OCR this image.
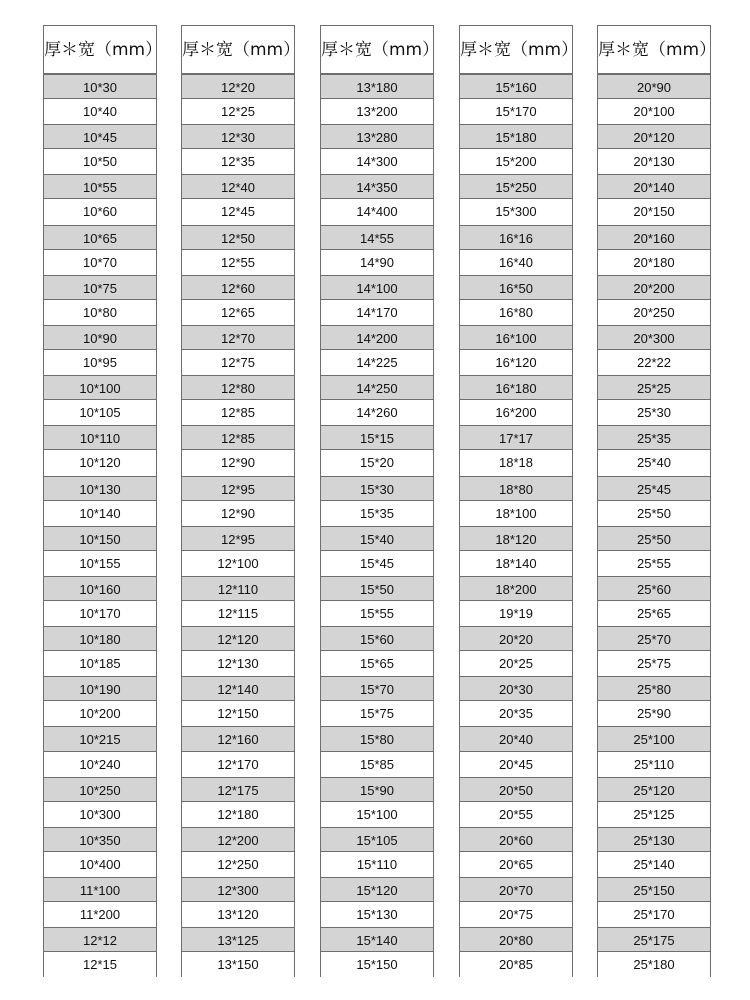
厚＊宽（mm）
10*30
10*40
10*45
10*50
10*55
10*60
10*65
10*70
10*75
10*80
10*90
10*95
10*100
10*105
10*110
10*120
10*130
10*140
10*150
10*155
10*160
10*170
10*180
10*185
10*190
10*200
10*215
10*240
10*250
10*300
10*350
10*400
11*100
11*200
12*12
12*15
厚＊宽（mm）
12*20
12*25
12*30
12*35
12*40
12*45
12*50
12*55
12*60
12*65
12*70
12*75
12*80
12*85
12*85
12*90
12*95
12*90
12*95
12*100
12*110
12*115
12*120
12*130
12*140
12*150
12*160
12*170
12*175
12*180
12*200
12*250
12*300
13*120
13*125
13*150
厚＊宽（mm）
13*180
13*200
13*280
14*300
14*350
14*400
14*55
14*90
14*100
14*170
14*200
14*225
14*250
14*260
15*15
15*20
15*30
15*35
15*40
15*45
15*50
15*55
15*60
15*65
15*70
15*75
15*80
15*85
15*90
15*100
15*105
15*110
15*120
15*130
15*140
15*150
厚＊宽（mm）
15*160
15*170
15*180
15*200
15*250
15*300
16*16
16*40
16*50
16*80
16*100
16*120
16*180
16*200
17*17
18*18
18*80
18*100
18*120
18*140
18*200
19*19
20*20
20*25
20*30
20*35
20*40
20*45
20*50
20*55
20*60
20*65
20*70
20*75
20*80
20*85
厚＊宽（mm）
20*90
20*100
20*120
20*130
20*140
20*150
20*160
20*180
20*200
20*250
20*300
22*22
25*25
25*30
25*35
25*40
25*45
25*50
25*50
25*55
25*60
25*65
25*70
25*75
25*80
25*90
25*100
25*110
25*120
25*125
25*130
25*140
25*150
25*170
25*175
25*180
